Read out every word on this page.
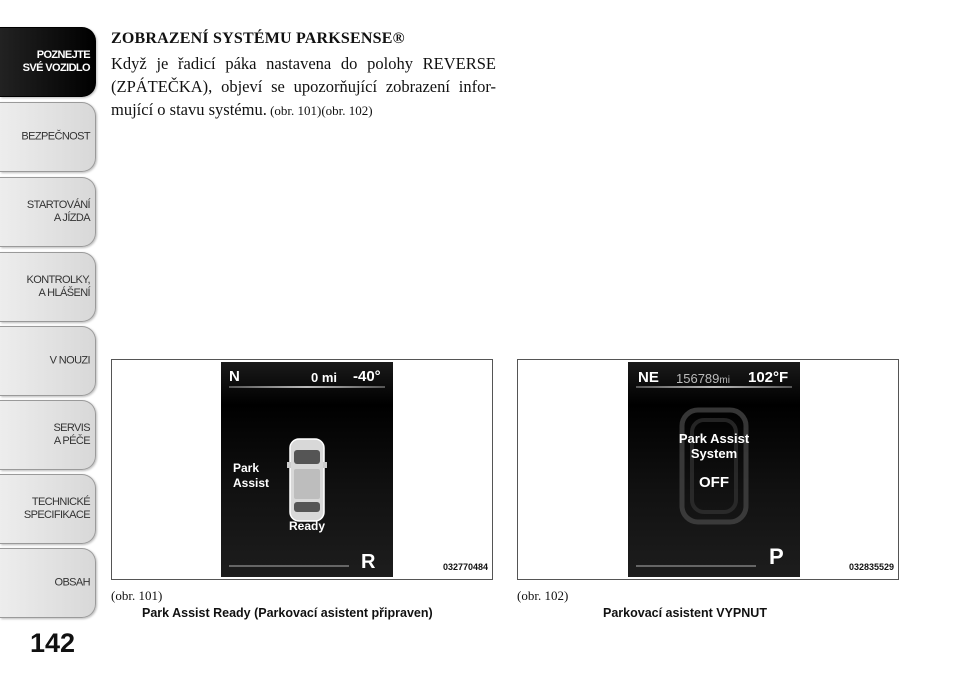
POZNEJTE
SVÉ VOZIDLO
BEZPEČNOST
STARTOVÁNÍ
A JÍZDA
KONTROLKY,
A HLÁŠENÍ
V NOUZI
SERVIS
A PÉČE
TECHNICKÉ
SPECIFIKACE
OBSAH
142
ZOBRAZENÍ SYSTÉMU PARKSENSE®
Když je řadicí páka nastavena do polohy REVERSE (ZPÁTEČKA), objeví se upozorňující zobrazení infor- mující o stavu systému. (obr. 101)(obr. 102)
N	0 mi -40°
Park
Assist
Ready
R	032770484
(obr. 101)
Park Assist Ready (Parkovací asistent připraven)
NE 156789mi 102°F
Park Assist
System
OFF
P	032835529
(obr. 102)
Parkovací asistent VYPNUT
